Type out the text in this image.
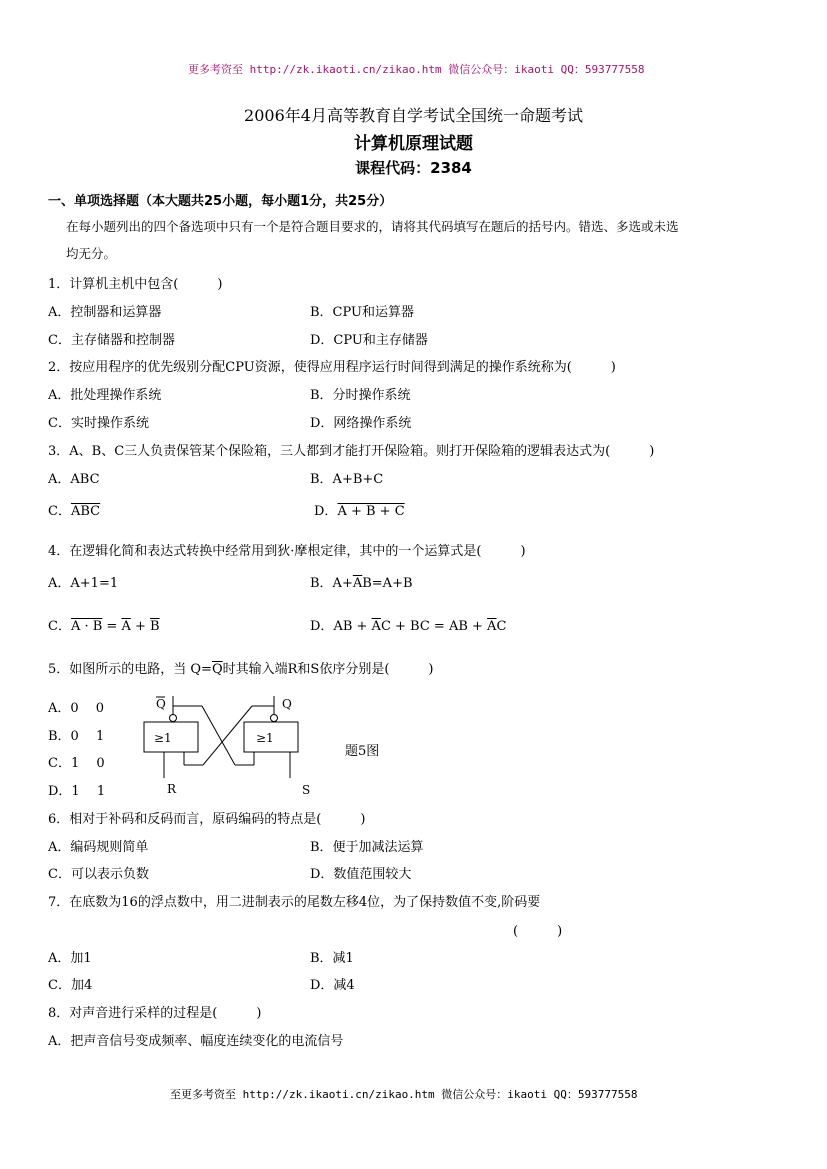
更多考资至 http://zk.ikaoti.cn/zikao.htm 微信公众号：ikaoti QQ：593777558
2006年4月高等教育自学考试全国统一命题考试
计算机原理试题
课程代码：2384
一、单项选择题（本大题共25小题，每小题1分，共25分）
在每小题列出的四个备选项中只有一个是符合题目要求的，请将其代码填写在题后的括号内。错选、多选或未选
均无分。
1．计算机主机中包含(　　　)
A．控制器和运算器	B．CPU和运算器
C．主存储器和控制器	D．CPU和主存储器
2．按应用程序的优先级别分配CPU资源，使得应用程序运行时间得到满足的操作系统称为(　　　)
A．批处理操作系统	B．分时操作系统
C．实时操作系统	D．网络操作系统
3．A、B、C三人负责保管某个保险箱，三人都到才能打开保险箱。则打开保险箱的逻辑表达式为(　　　)
A．ABC	B．A+B+C
C．$\overline{ABC}$	D．A + B + C
4．在逻辑化简和表达式转换中经常用到狄·摩根定律，其中的一个运算式是(　　　)
A．A+1=1	B．$A+\overline{A}B=A+B$
C．$A \cdot B = \overline{A} + \overline{B}$	D．AB + $\overline{A}C$ + BC = AB + $\overline{A}C$
5．如图所示的电路，当 $Q=\overline{Q}$时其输入端R和S依序分别是(　　　)
A．0　 0
B．0　 1
C．1　 0
D．1　 1
Q	Q
≥1	≥1
R	S
题5图
6．相对于补码和反码而言，原码编码的特点是(　　　)
A．编码规则简单	B．便于加减法运算
C．可以表示负数	D．数值范围较大
7．在底数为16的浮点数中，用二进制表示的尾数左移4位，为了保持数值不变,阶码要
(　　　)
A．加1	B．减1
C．加4	D．减4
8．对声音进行采样的过程是(　　　)
A．把声音信号变成频率、幅度连续变化的电流信号
至更多考资至 http://zk.ikaoti.cn/zikao.htm 微信公众号：ikaoti QQ：593777558
